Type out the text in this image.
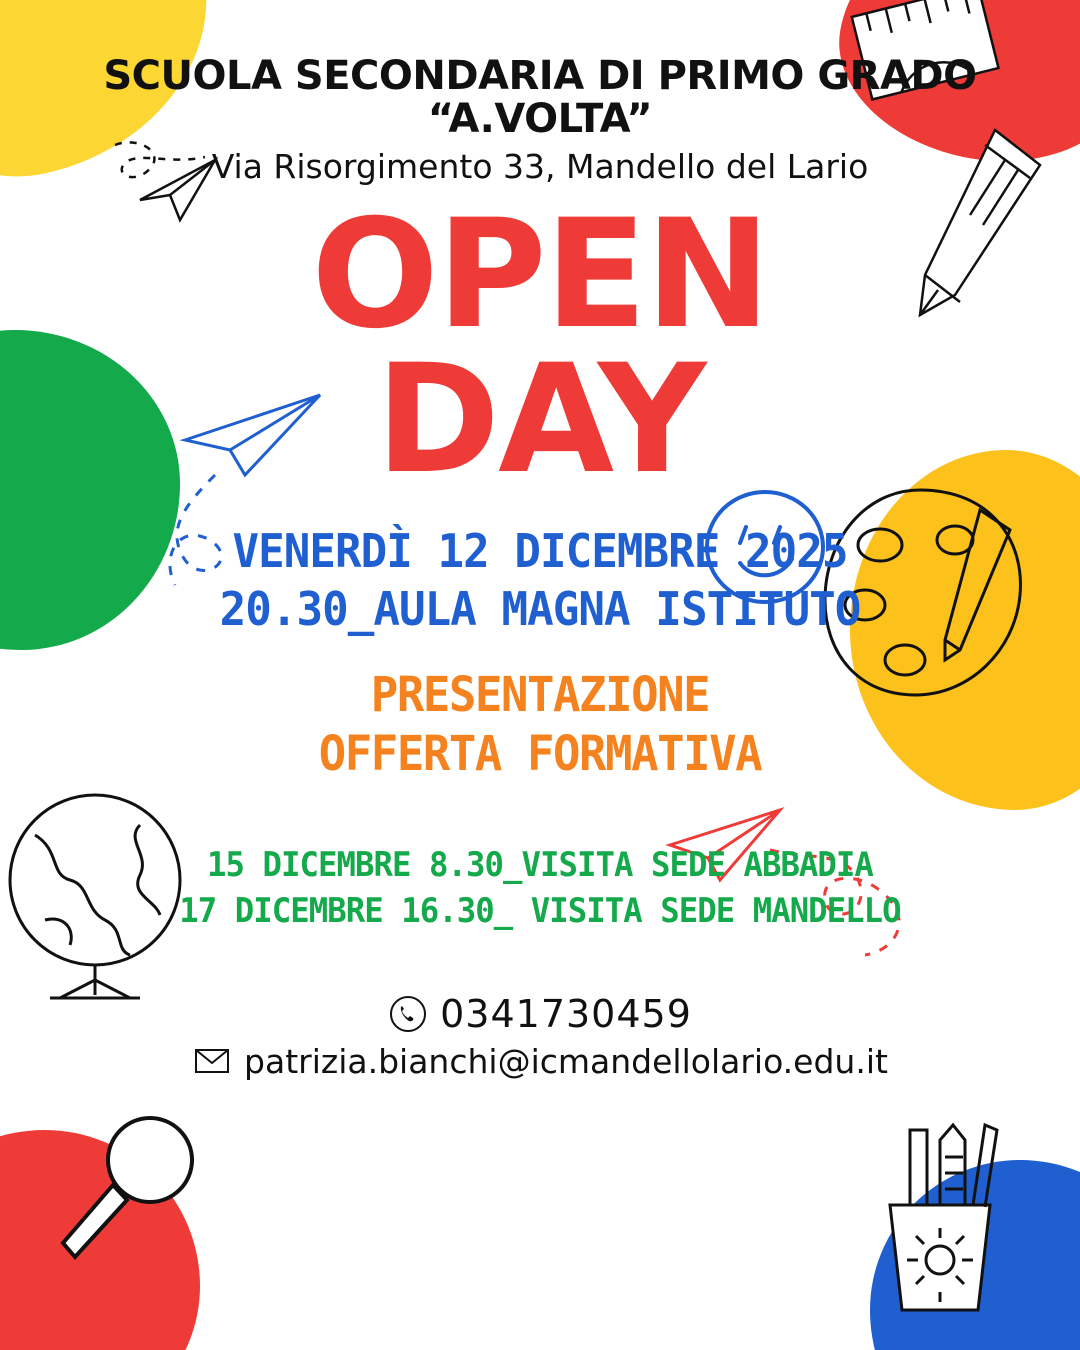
SCUOLA SECONDARIA DI PRIMO GRADO
“A.VOLTA”
Via Risorgimento 33, Mandello del Lario
OPEN
DAY
VENERDÌ 12 DICEMBRE 2025
20.30_AULA MAGNA ISTITUTO
PRESENTAZIONE
OFFERTA FORMATIVA
15 DICEMBRE 8.30_VISITA SEDE ABBADIA
17 DICEMBRE 16.30_ VISITA SEDE MANDELLO
0341730459
patrizia.bianchi@icmandellolario.edu.it
